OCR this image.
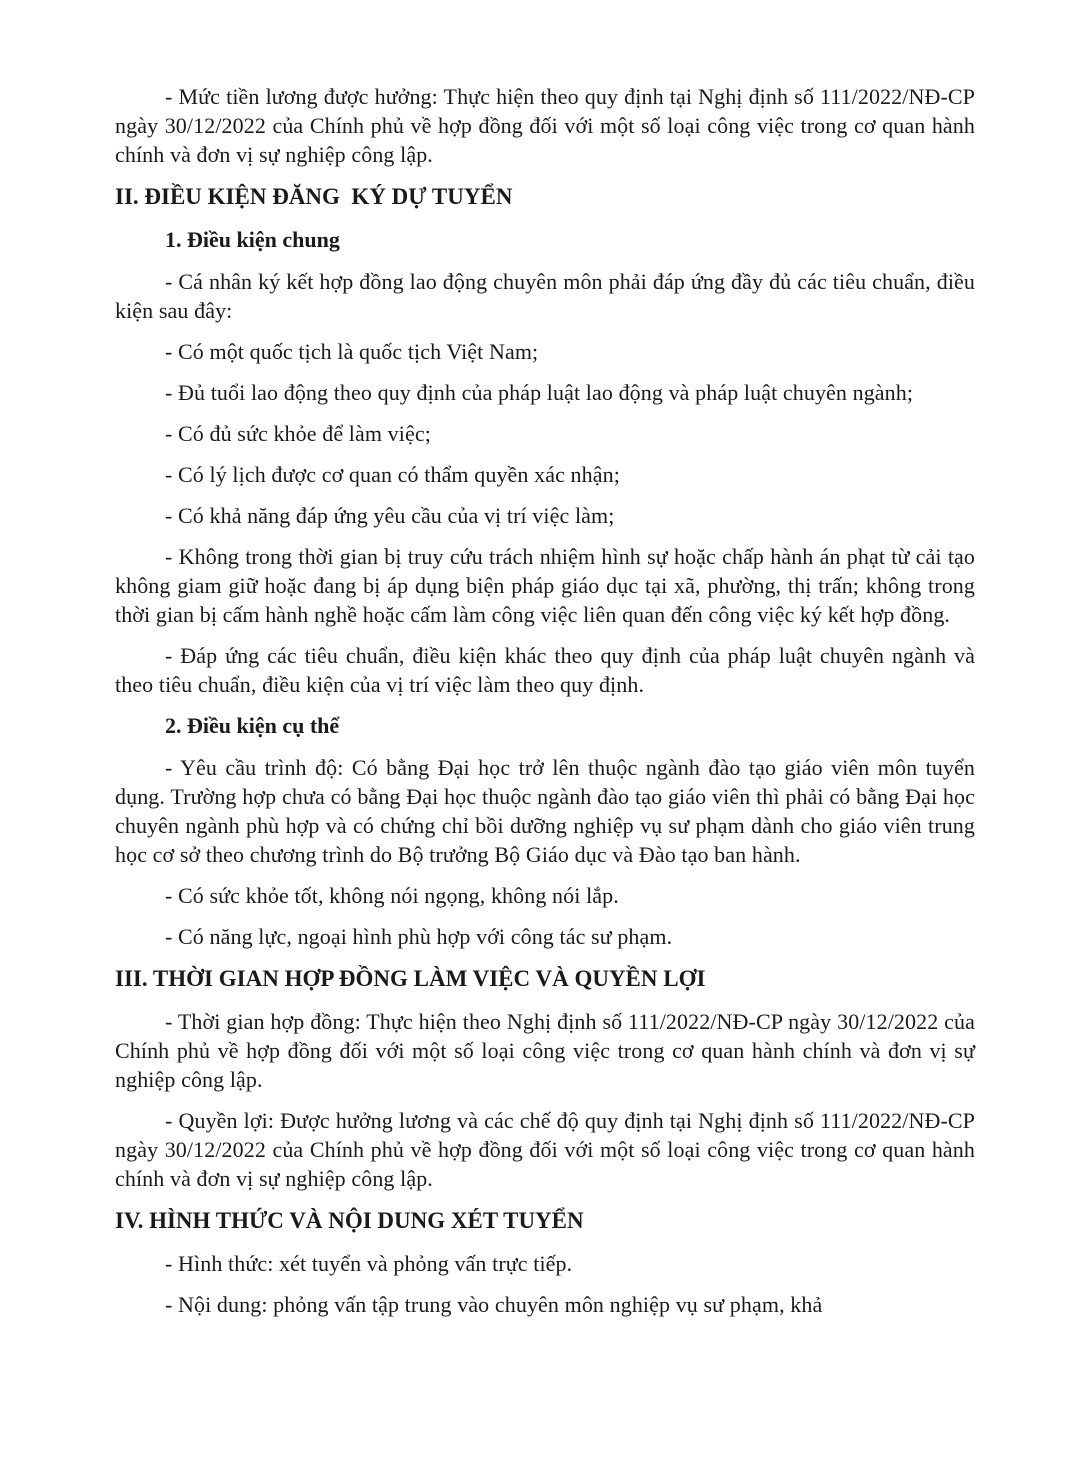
- Mức tiền lương được hưởng: Thực hiện theo quy định tại Nghị định số 111/2022/NĐ-CP ngày 30/12/2022 của Chính phủ về hợp đồng đối với một số loại công việc trong cơ quan hành chính và đơn vị sự nghiệp công lập.

II. ĐIỀU KIỆN ĐĂNG  KÝ DỰ TUYỂN

1. Điều kiện chung

- Cá nhân ký kết hợp đồng lao động chuyên môn phải đáp ứng đầy đủ các tiêu chuẩn, điều kiện sau đây:

- Có một quốc tịch là quốc tịch Việt Nam;

- Đủ tuổi lao động theo quy định của pháp luật lao động và pháp luật chuyên ngành;

- Có đủ sức khỏe để làm việc;

- Có lý lịch được cơ quan có thẩm quyền xác nhận;

- Có khả năng đáp ứng yêu cầu của vị trí việc làm;

- Không trong thời gian bị truy cứu trách nhiệm hình sự hoặc chấp hành án phạt từ cải tạo không giam giữ hoặc đang bị áp dụng biện pháp giáo dục tại xã, phường, thị trấn; không trong thời gian bị cấm hành nghề hoặc cấm làm công việc liên quan đến công việc ký kết hợp đồng.

- Đáp ứng các tiêu chuẩn, điều kiện khác theo quy định của pháp luật chuyên ngành và theo tiêu chuẩn, điều kiện của vị trí việc làm theo quy định.

2. Điều kiện cụ thể

- Yêu cầu trình độ: Có bằng Đại học trở lên thuộc ngành đào tạo giáo viên môn tuyển dụng. Trường hợp chưa có bằng Đại học thuộc ngành đào tạo giáo viên thì phải có bằng Đại học chuyên ngành phù hợp và có chứng chỉ bồi dưỡng nghiệp vụ sư phạm dành cho giáo viên trung học cơ sở theo chương trình do Bộ trưởng Bộ Giáo dục và Đào tạo ban hành.

- Có sức khỏe tốt, không nói ngọng, không nói lắp.

- Có năng lực, ngoại hình phù hợp với công tác sư phạm.

III. THỜI GIAN HỢP ĐỒNG LÀM VIỆC VÀ QUYỀN LỢI

- Thời gian hợp đồng: Thực hiện theo Nghị định số 111/2022/NĐ-CP ngày 30/12/2022 của Chính phủ về hợp đồng đối với một số loại công việc trong cơ quan hành chính và đơn vị sự nghiệp công lập.

- Quyền lợi: Được hưởng lương và các chế độ quy định tại Nghị định số 111/2022/NĐ-CP ngày 30/12/2022 của Chính phủ về hợp đồng đối với một số loại công việc trong cơ quan hành chính và đơn vị sự nghiệp công lập.

IV. HÌNH THỨC VÀ NỘI DUNG XÉT TUYỂN

- Hình thức: xét tuyển và phỏng vấn trực tiếp.

- Nội dung: phỏng vấn tập trung vào chuyên môn nghiệp vụ sư phạm, khả
